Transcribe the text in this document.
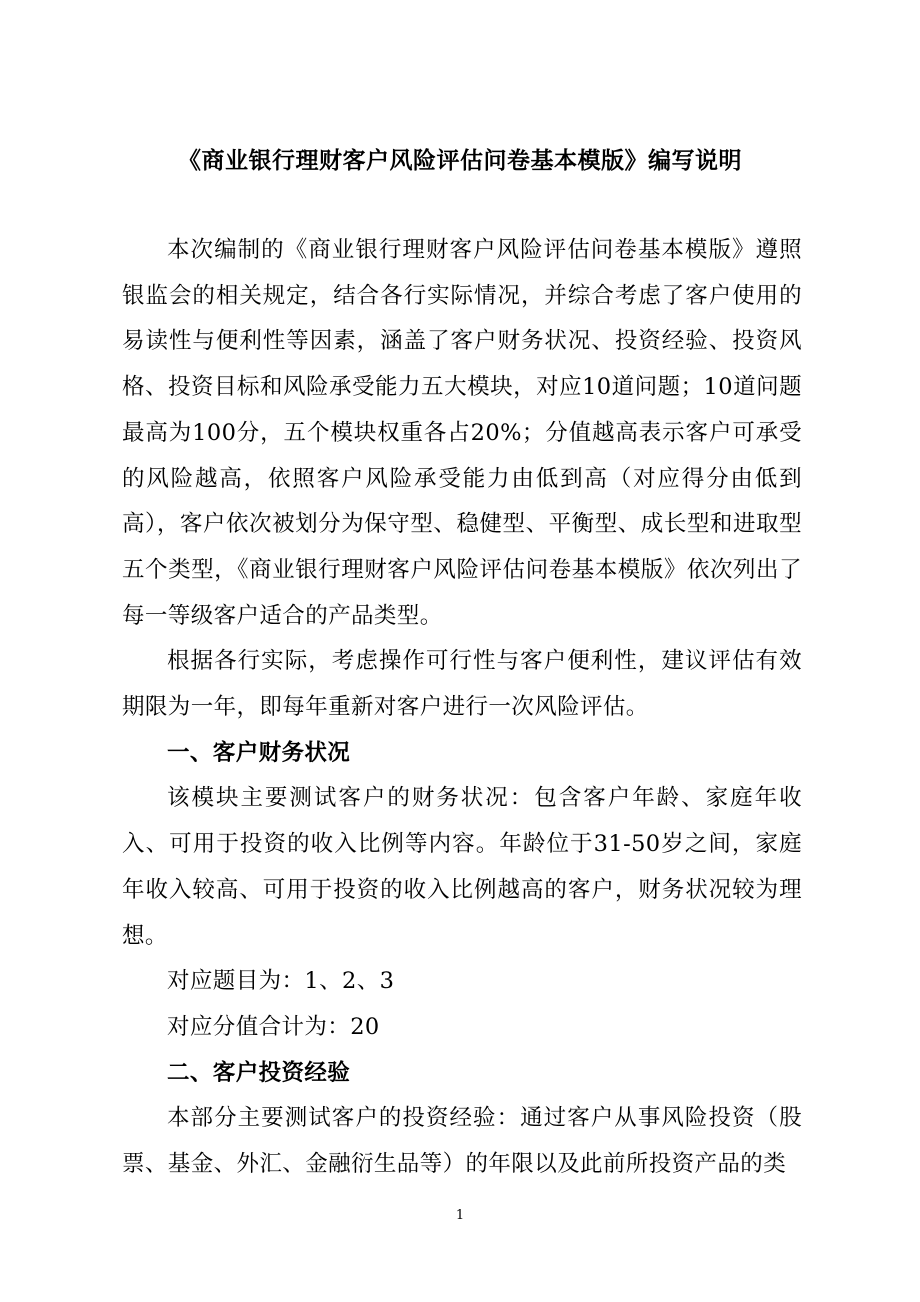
《商业银行理财客户风险评估问卷基本模版》编写说明

本次编制的《商业银行理财客户风险评估问卷基本模版》遵照银监会的相关规定，结合各行实际情况，并综合考虑了客户使用的易读性与便利性等因素，涵盖了客户财务状况、投资经验、投资风格、投资目标和风险承受能力五大模块，对应10道问题；10道问题最高为100分，五个模块权重各占20%；分值越高表示客户可承受的风险越高，依照客户风险承受能力由低到高（对应得分由低到高），客户依次被划分为保守型、稳健型、平衡型、成长型和进取型五个类型，《商业银行理财客户风险评估问卷基本模版》依次列出了每一等级客户适合的产品类型。

根据各行实际，考虑操作可行性与客户便利性，建议评估有效期限为一年，即每年重新对客户进行一次风险评估。

一、客户财务状况

该模块主要测试客户的财务状况：包含客户年龄、家庭年收入、可用于投资的收入比例等内容。年龄位于31-50岁之间，家庭年收入较高、可用于投资的收入比例越高的客户，财务状况较为理想。

对应题目为：1、2、3

对应分值合计为：20

二、客户投资经验

本部分主要测试客户的投资经验：通过客户从事风险投资（股票、基金、外汇、金融衍生品等）的年限以及此前所投资产品的类

1
